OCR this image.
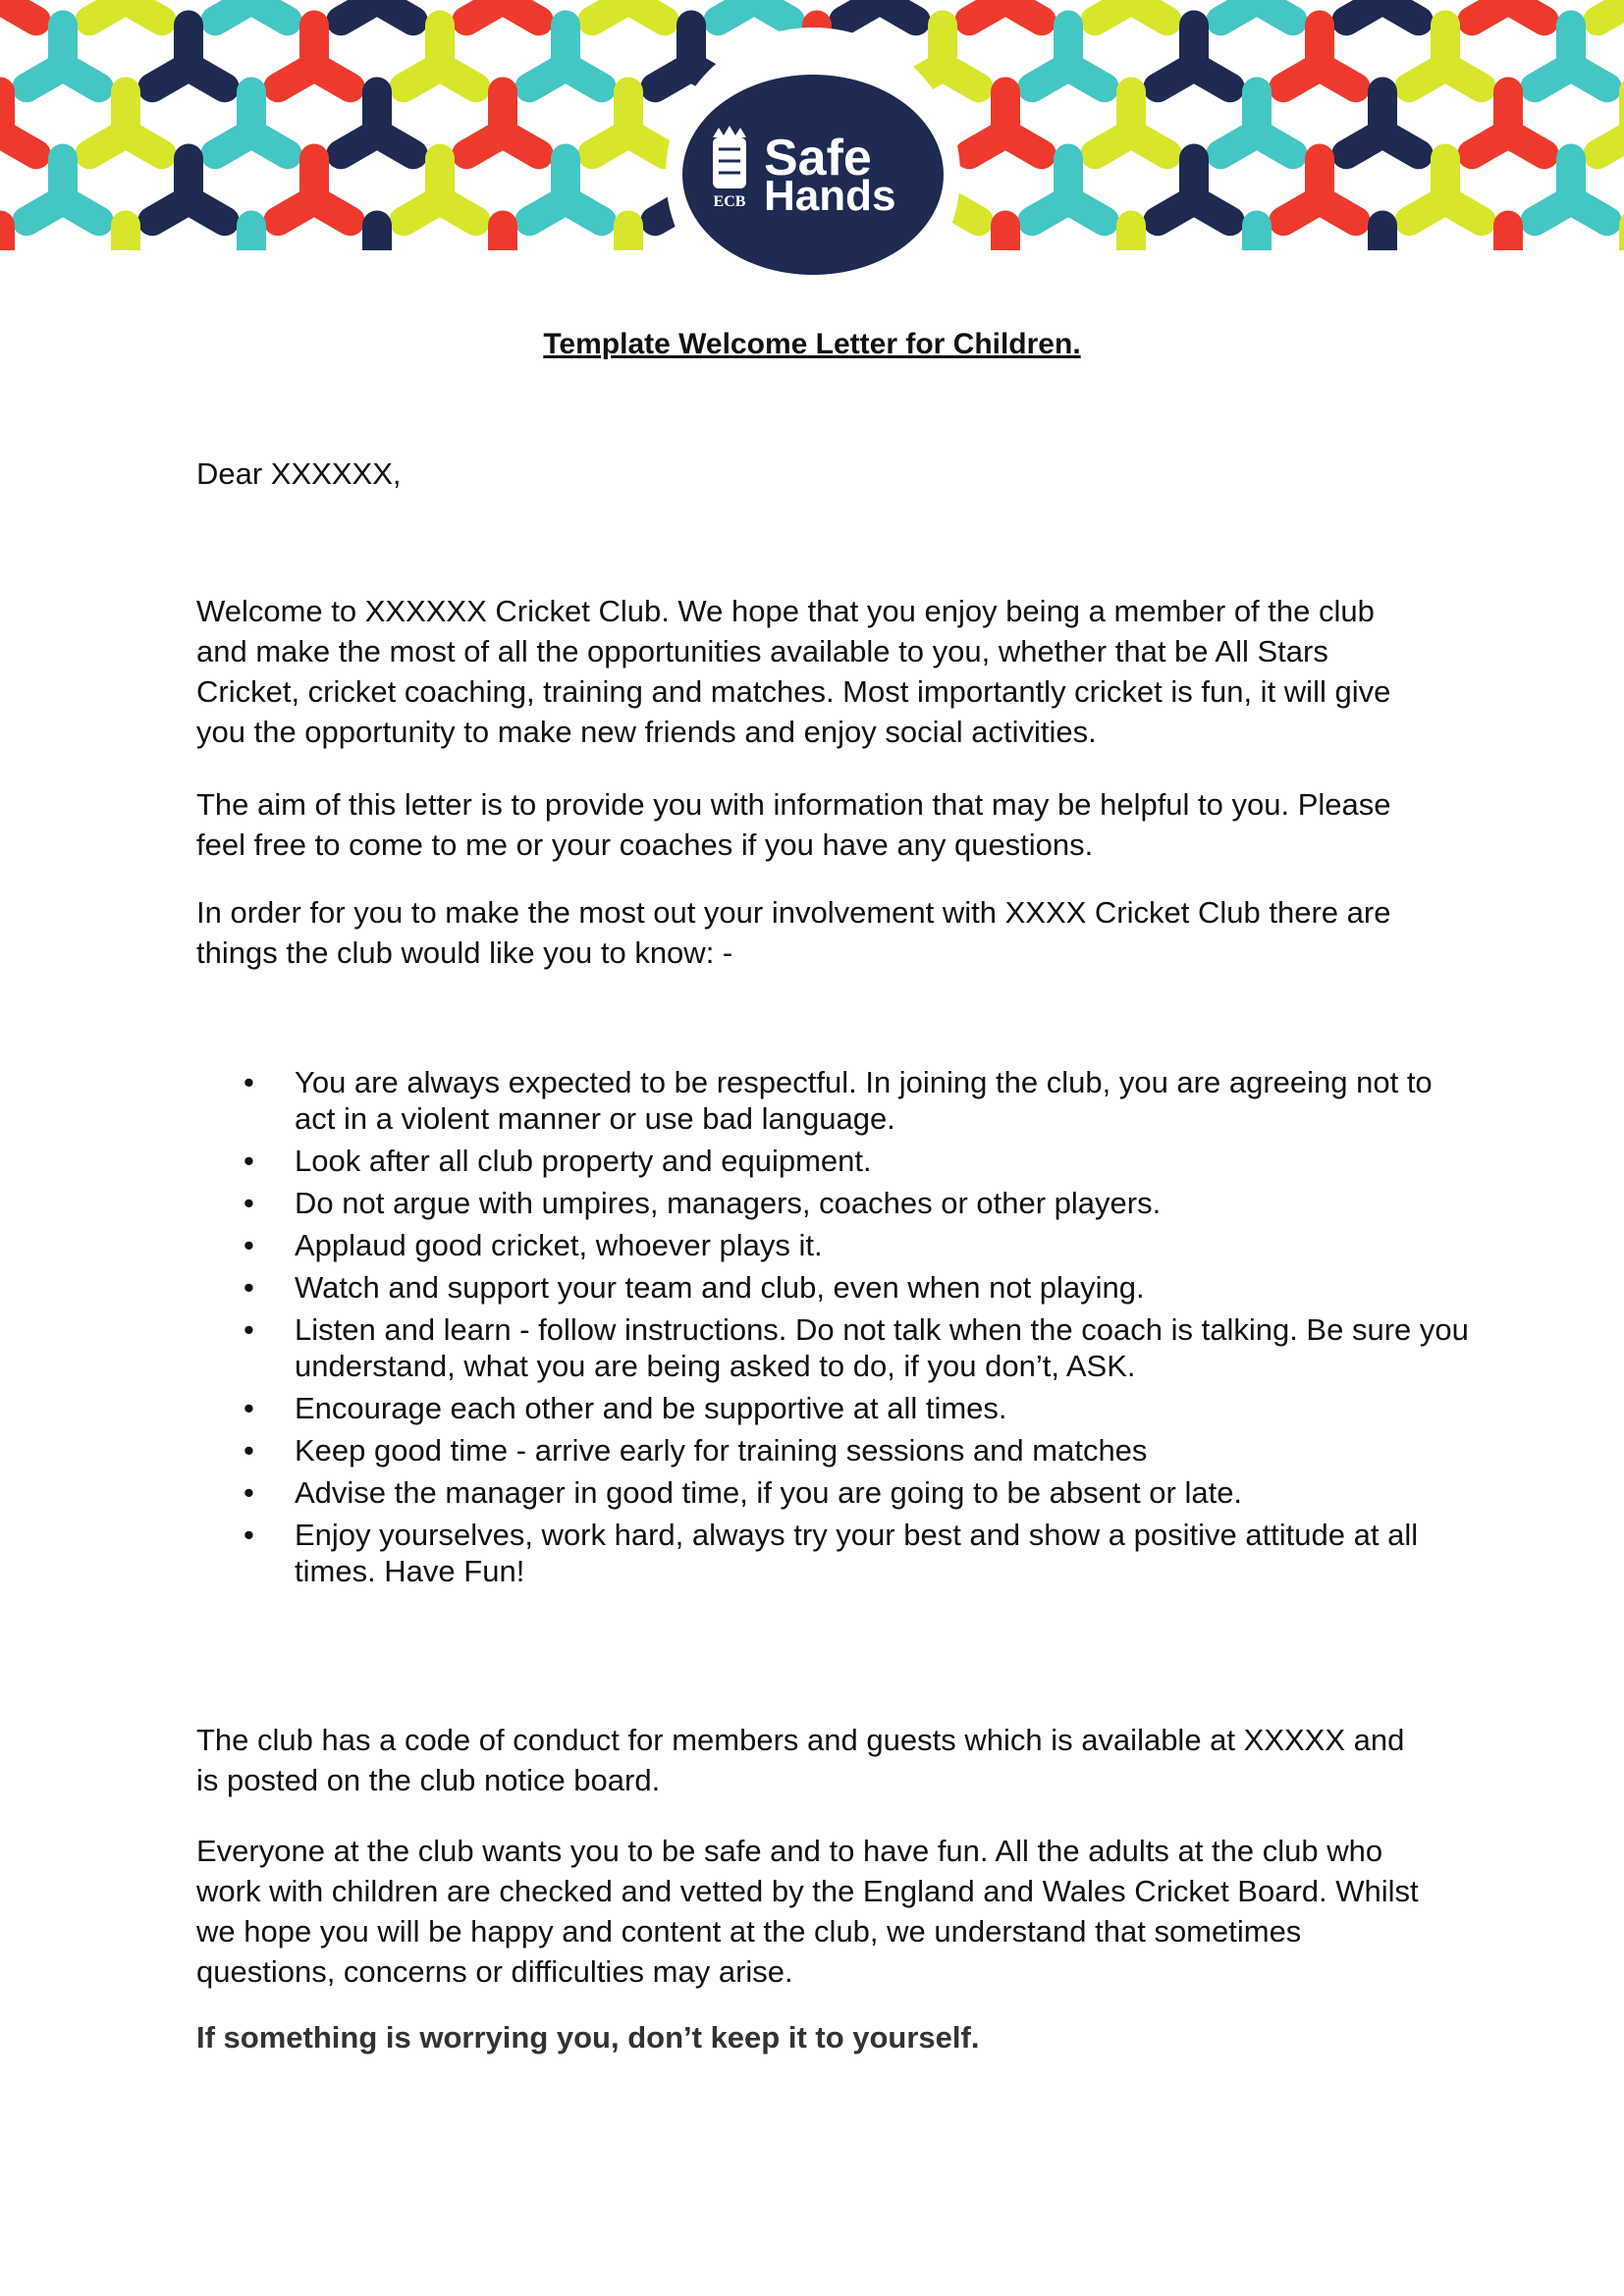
ECB
Safe
Hands
Template Welcome Letter for Children.

Dear XXXXXX,

Welcome to XXXXXX Cricket Club. We hope that you enjoy being a member of the club and make the most of all the opportunities available to you, whether that be All Stars Cricket, cricket coaching, training and matches. Most importantly cricket is fun, it will give you the opportunity to make new friends and enjoy social activities.

The aim of this letter is to provide you with information that may be helpful to you. Please feel free to come to me or your coaches if you have any questions.

In order for you to make the most out your involvement with XXXX Cricket Club there are things the club would like you to know: -

• You are always expected to be respectful. In joining the club, you are agreeing not to act in a violent manner or use bad language.
• Look after all club property and equipment.
• Do not argue with umpires, managers, coaches or other players.
• Applaud good cricket, whoever plays it.
• Watch and support your team and club, even when not playing.
• Listen and learn - follow instructions. Do not talk when the coach is talking. Be sure you understand, what you are being asked to do, if you don’t, ASK.
• Encourage each other and be supportive at all times.
• Keep good time - arrive early for training sessions and matches
• Advise the manager in good time, if you are going to be absent or late.
• Enjoy yourselves, work hard, always try your best and show a positive attitude at all times. Have Fun!

The club has a code of conduct for members and guests which is available at XXXXX and is posted on the club notice board.

Everyone at the club wants you to be safe and to have fun. All the adults at the club who work with children are checked and vetted by the England and Wales Cricket Board. Whilst we hope you will be happy and content at the club, we understand that sometimes questions, concerns or difficulties may arise.

If something is worrying you, don’t keep it to yourself.
